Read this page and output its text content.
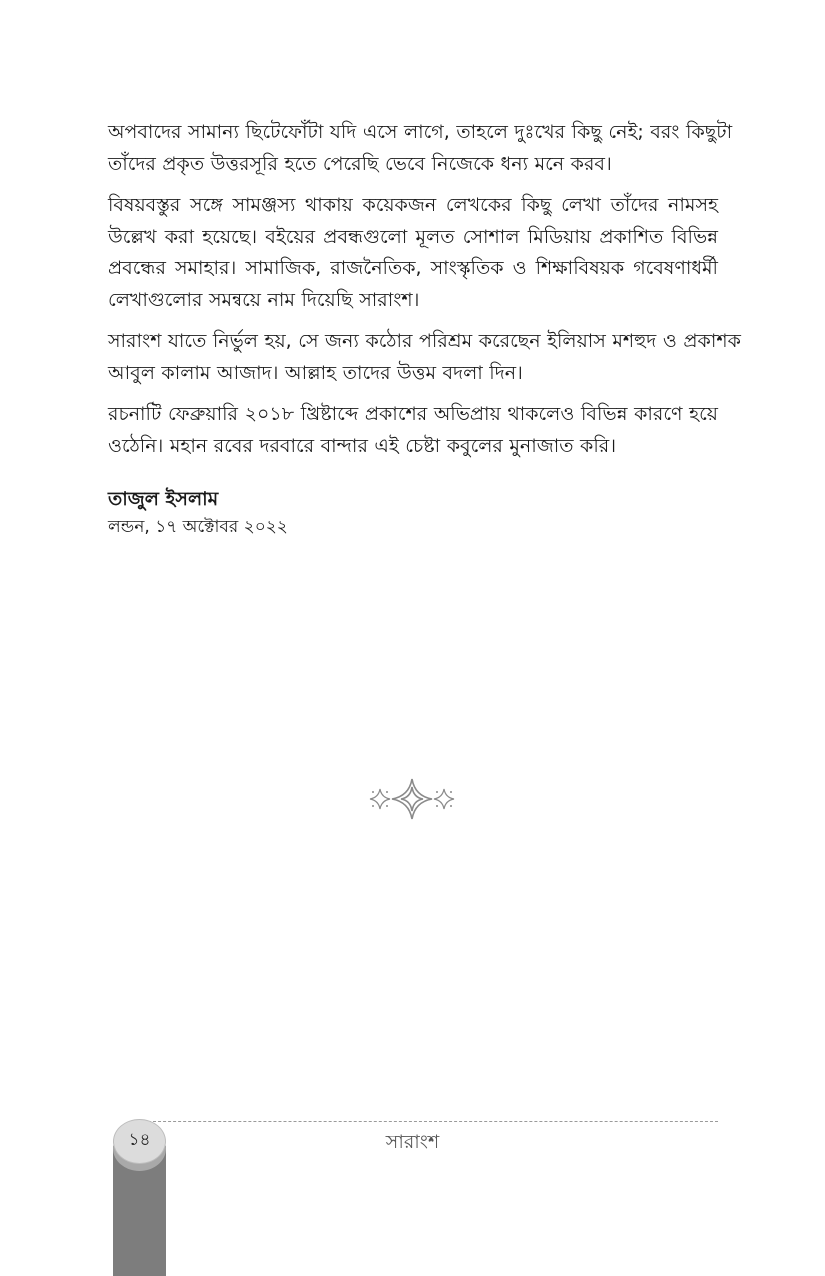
অপবাদের সামান্য ছিটেফোঁটা যদি এসে লাগে, তাহলে দুঃখের কিছু নেই; বরং কিছুটা
তাঁদের প্রকৃত উত্তরসূরি হতে পেরেছি ভেবে নিজেকে ধন্য মনে করব।

বিষয়বস্তুর সঙ্গে সামঞ্জস্য থাকায় কয়েকজন লেখকের কিছু লেখা তাঁদের নামসহ
উল্লেখ করা হয়েছে। বইয়ের প্রবন্ধগুলো মূলত সোশাল মিডিয়ায় প্রকাশিত বিভিন্ন
প্রবন্ধের সমাহার। সামাজিক, রাজনৈতিক, সাংস্কৃতিক ও শিক্ষাবিষয়ক গবেষণাধর্মী
লেখাগুলোর সমন্বয়ে নাম দিয়েছি সারাংশ।

সারাংশ যাতে নির্ভুল হয়, সে জন্য কঠোর পরিশ্রম করেছেন ইলিয়াস মশহুদ ও প্রকাশক
আবুল কালাম আজাদ। আল্লাহ তাদের উত্তম বদলা দিন।

রচনাটি ফেব্রুয়ারি ২০১৮ খ্রিষ্টাব্দে প্রকাশের অভিপ্রায় থাকলেও বিভিন্ন কারণে হয়ে
ওঠেনি। মহান রবের দরবারে বান্দার এই চেষ্টা কবুলের মুনাজাত করি।

তাজুল ইসলাম
লন্ডন, ১৭ অক্টোবর ২০২২
সারাংশ
১৪
